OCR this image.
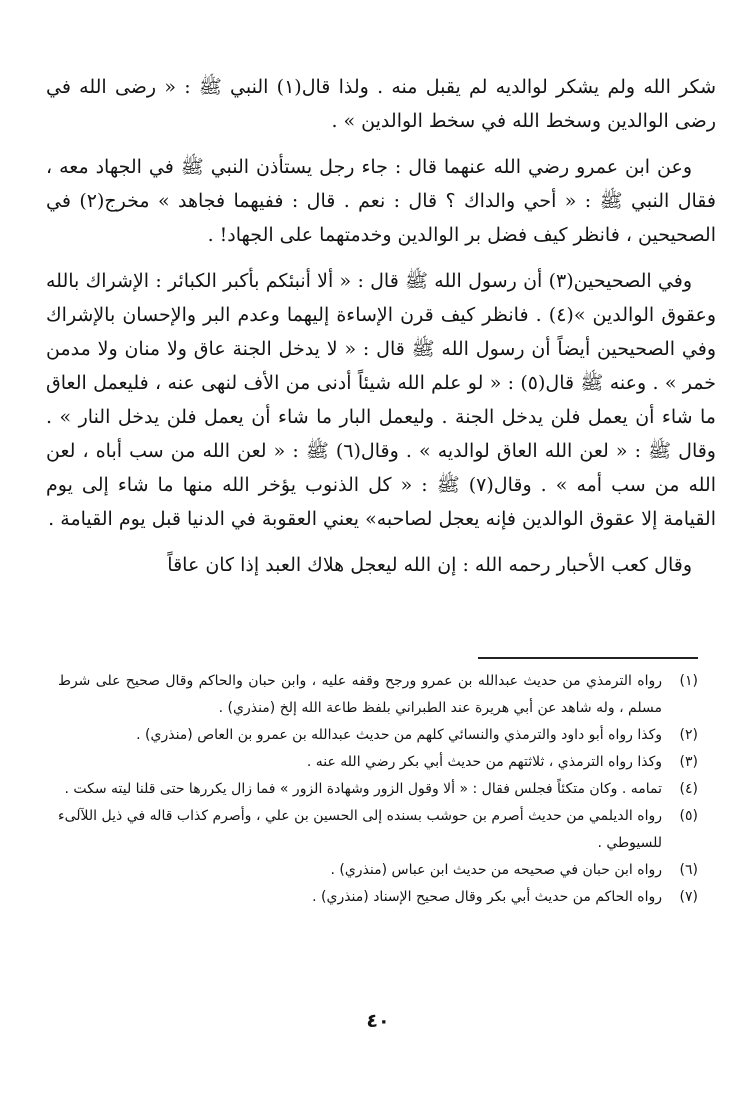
شكر الله ولم يشكر لوالديه لم يقبل منه . ولذا قال(١) النبي ﷺ : « رضى الله في رضى الوالدين وسخط الله في سخط الوالدين » .

وعن ابن عمرو رضي الله عنهما قال : جاء رجل يستأذن النبي ﷺ في الجهاد معه ، فقال النبي ﷺ : « أحي والداك ؟ قال : نعم . قال : ففيهما فجاهد » مخرج(٢) في الصحيحين ، فانظر كيف فضل بر الوالدين وخدمتهما على الجهاد! .

وفي الصحيحين(٣) أن رسول الله ﷺ قال : « ألا أنبئكم بأكبر الكبائر : الإشراك بالله وعقوق الوالدين »(٤) . فانظر كيف قرن الإساءة إليهما وعدم البر والإحسان بالإشراك وفي الصحيحين أيضاً أن رسول الله ﷺ قال : « لا يدخل الجنة عاق ولا منان ولا مدمن خمر » . وعنه ﷺ قال(٥) : « لو علم الله شيئاً أدنى من الأف لنهى عنه ، فليعمل العاق ما شاء أن يعمل فلن يدخل الجنة . وليعمل البار ما شاء أن يعمل فلن يدخل النار » . وقال ﷺ : « لعن الله العاق لوالديه » . وقال(٦) ﷺ : « لعن الله من سب أباه ، لعن الله من سب أمه » . وقال(٧) ﷺ : « كل الذنوب يؤخر الله منها ما شاء إلى يوم القيامة إلا عقوق الوالدين فإنه يعجل لصاحبه» يعني العقوبة في الدنيا قبل يوم القيامة .

وقال كعب الأحبار رحمه الله : إن الله ليعجل هلاك العبد إذا كان عاقاً

(١)
رواه الترمذي من حديث عبدالله بن عمرو ورجح وقفه عليه ، وابن حبان والحاكم وقال صحيح على شرط مسلم ، وله شاهد عن أبي هريرة عند الطبراني بلفظ طاعة الله إلخ (منذري) .
(٢)
وكذا رواه أبو داود والترمذي والنسائي كلهم من حديث عبدالله بن عمرو بن العاص (منذري) .
(٣)
وكذا رواه الترمذي ، ثلاثتهم من حديث أبي بكر رضي الله عنه .
(٤)
تمامه . وكان متكئاً فجلس فقال : « ألا وقول الزور وشهادة الزور » فما زال يكررها حتى قلنا ليته سكت .
(٥)
رواه الديلمي من حديث أصرم بن حوشب بسنده إلى الحسين بن علي ، وأصرم كذاب قاله في ذيل اللآلىء للسيوطي .
(٦)
رواه ابن حبان في صحيحه من حديث ابن عباس (منذري) .
(٧)
رواه الحاكم من حديث أبي بكر وقال صحيح الإسناد (منذري) .
٤٠
